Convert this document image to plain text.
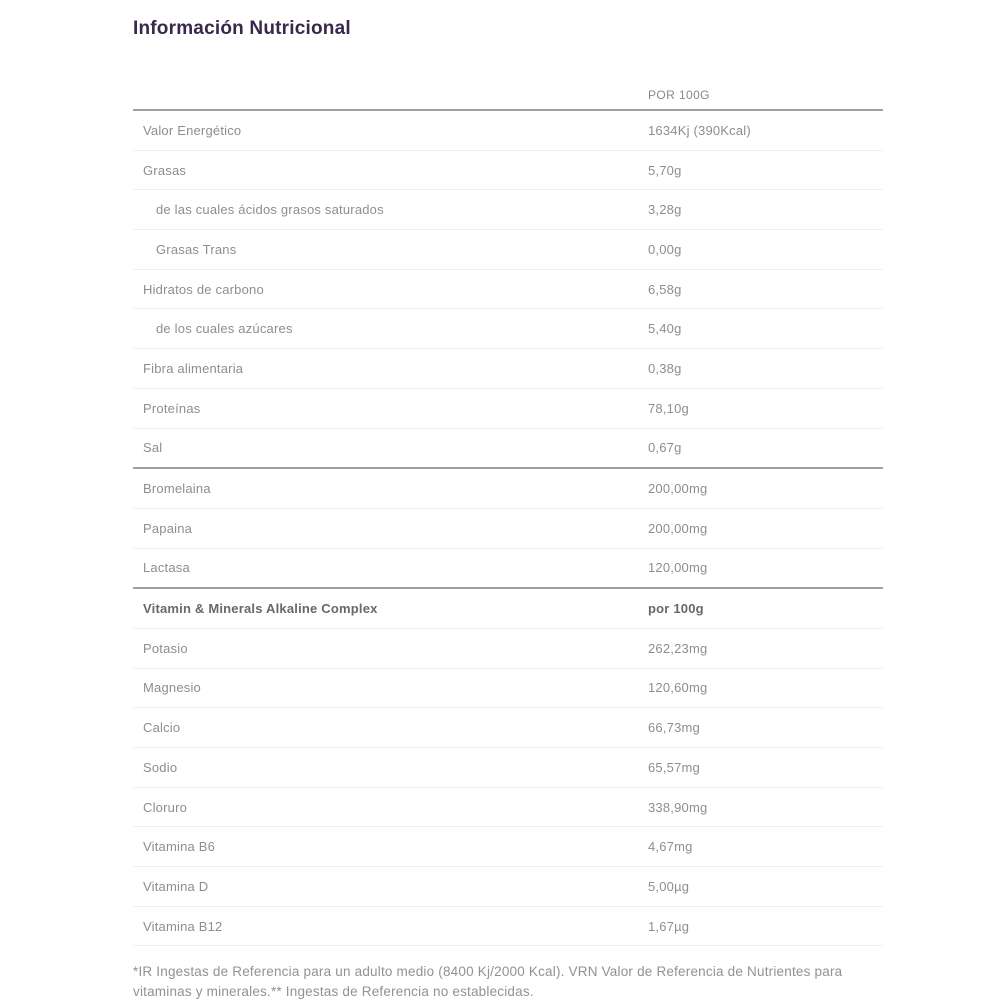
Información Nutricional
POR 100G
Valor Energético	1634Kj (390Kcal)
Grasas	5,70g
de las cuales ácidos grasos saturados	3,28g
Grasas Trans	0,00g
Hidratos de carbono	6,58g
de los cuales azúcares	5,40g
Fibra alimentaria	0,38g
Proteínas	78,10g
Sal	0,67g
Bromelaina	200,00mg
Papaina	200,00mg
Lactasa	120,00mg
Vitamin & Minerals Alkaline Complex	por 100g
Potasio	262,23mg
Magnesio	120,60mg
Calcio	66,73mg
Sodio	65,57mg
Cloruro	338,90mg
Vitamina B6	4,67mg
Vitamina D	5,00µg
Vitamina B12	1,67µg

*IR Ingestas de Referencia para un adulto medio (8400 Kj/2000 Kcal). VRN Valor de Referencia de Nutrientes para vitaminas y minerales.** Ingestas de Referencia no establecidas.
